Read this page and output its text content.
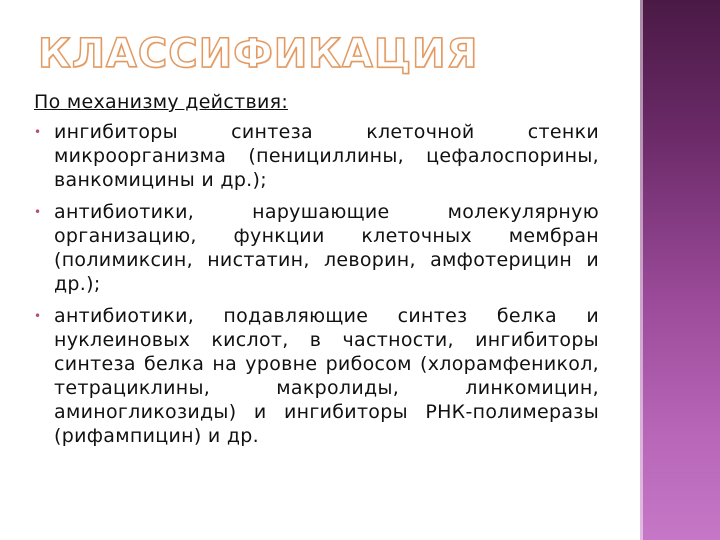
КЛАССИФИКАЦИЯ

По механизму действия:

• ингибиторы синтеза клеточной стенки микроорганизма (пенициллины, цефалоспорины, ванкомицины и др.);
• антибиотики, нарушающие молекулярную организацию, функции клеточных мембран (полимиксин, нистатин, леворин, амфотерицин и др.);
• антибиотики, подавляющие синтез белка и нуклеиновых кислот, в частности, ингибиторы синтеза белка на уровне рибосом (хлорамфеникол, тетрациклины, макролиды, линкомицин, аминогликозиды) и ингибиторы РНК-полимеразы (рифампицин) и др.
